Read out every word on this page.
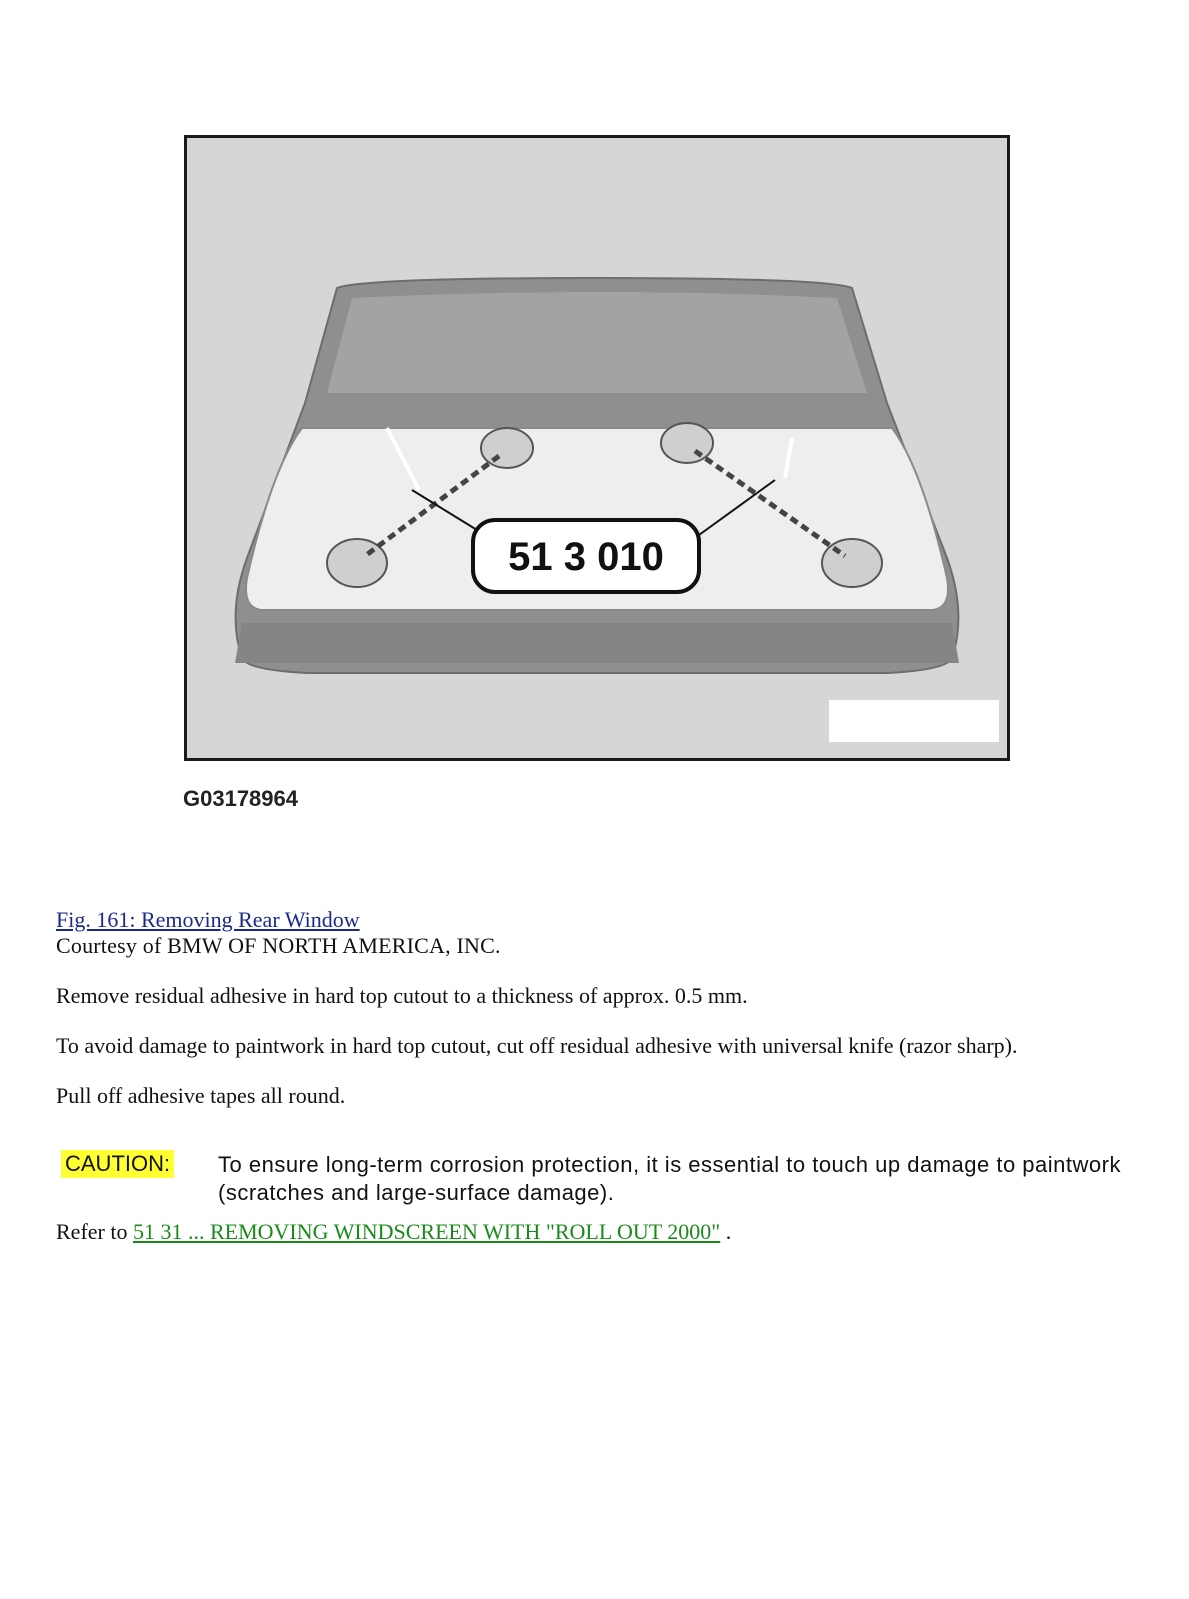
51 3 010
G03178964
Fig. 161: Removing Rear Window
Courtesy of BMW OF NORTH AMERICA, INC.
Remove residual adhesive in hard top cutout to a thickness of approx. 0.5 mm.
To avoid damage to paintwork in hard top cutout, cut off residual adhesive with universal knife (razor sharp).
Pull off adhesive tapes all round.
CAUTION: To ensure long-term corrosion protection, it is essential to touch up damage to paintwork (scratches and large-surface damage).
Refer to 51 31 ... REMOVING WINDSCREEN WITH "ROLL OUT 2000" .
